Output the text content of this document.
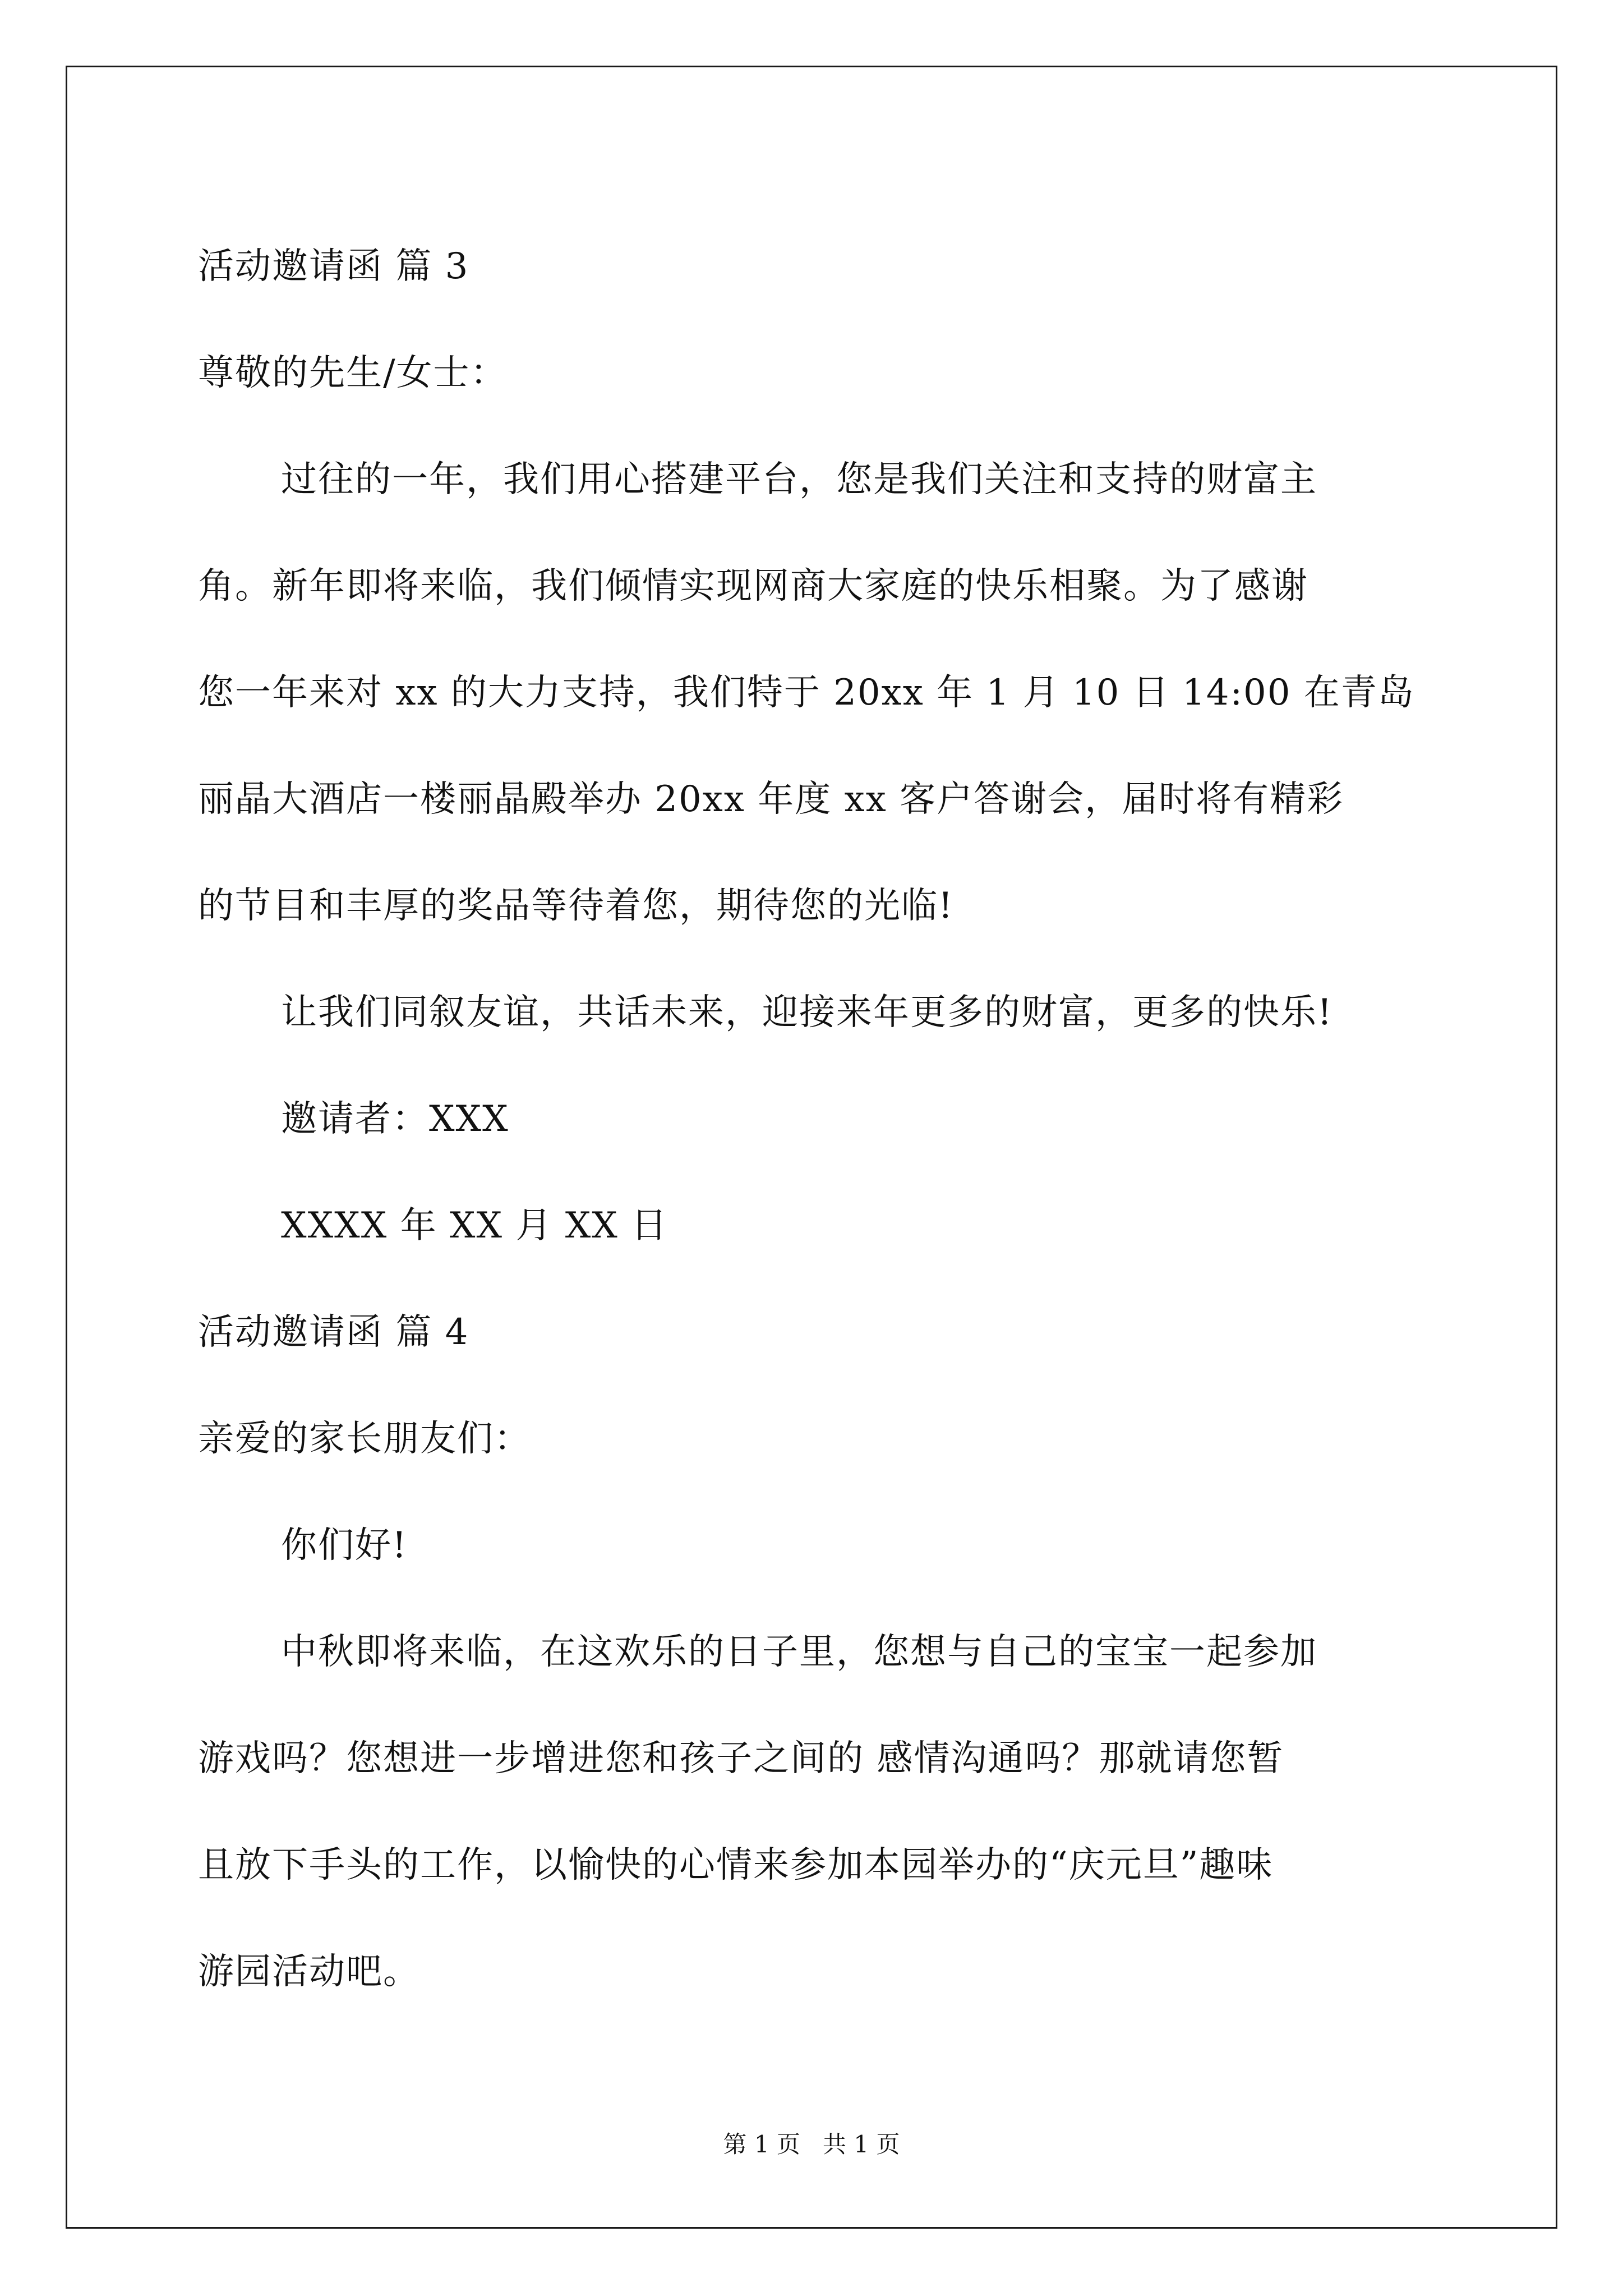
活动邀请函 篇 3
尊敬的先生/女士：
过往的一年，我们用心搭建平台，您是我们关注和支持的财富主
角。新年即将来临，我们倾情实现网商大家庭的快乐相聚。为了感谢
您一年来对 xx 的大力支持，我们特于 20xx 年 1 月 10 日 14:00 在青岛
丽晶大酒店一楼丽晶殿举办 20xx 年度 xx 客户答谢会，届时将有精彩
的节目和丰厚的奖品等待着您，期待您的光临!
让我们同叙友谊，共话未来，迎接来年更多的财富，更多的快乐!
邀请者：XXX
XXXX 年 XX 月 XX 日
活动邀请函 篇 4
亲爱的家长朋友们：
你们好!
中秋即将来临，在这欢乐的日子里，您想与自己的宝宝一起参加
游戏吗？您想进一步增进您和孩子之间的 感情沟通吗？那就请您暂
且放下手头的工作，以愉快的心情来参加本园举办的“庆元旦”趣味
游园活动吧。
第 1 页   共 1 页
